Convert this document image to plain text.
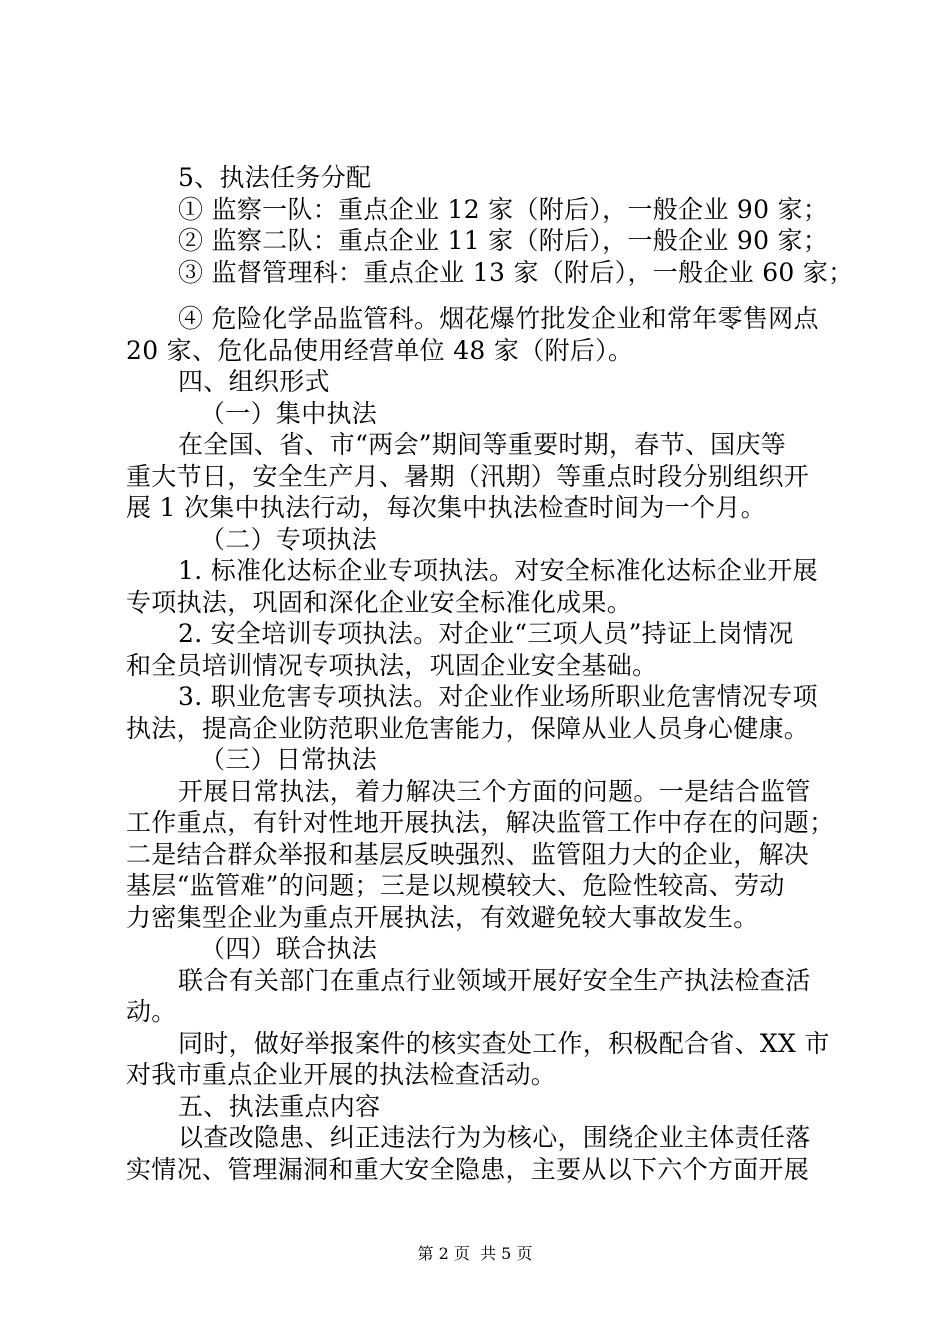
5、执法任务分配
① 监察一队：重点企业 12 家（附后），一般企业 90 家；
② 监察二队：重点企业 11 家（附后），一般企业 90 家；
③ 监督管理科：重点企业 13 家（附后），一般企业 60 家；
④ 危险化学品监管科。烟花爆竹批发企业和常年零售网点
20 家、危化品使用经营单位 48 家（附后）。
四、组织形式
（一）集中执法
在全国、省、市“两会”期间等重要时期，春节、国庆等
重大节日，安全生产月、暑期（汛期）等重点时段分别组织开
展 1 次集中执法行动，每次集中执法检查时间为一个月。
（二）专项执法
1. 标准化达标企业专项执法。对安全标准化达标企业开展
专项执法，巩固和深化企业安全标准化成果。
2. 安全培训专项执法。对企业“三项人员”持证上岗情况
和全员培训情况专项执法，巩固企业安全基础。
3. 职业危害专项执法。对企业作业场所职业危害情况专项
执法，提高企业防范职业危害能力，保障从业人员身心健康。
（三）日常执法
开展日常执法，着力解决三个方面的问题。一是结合监管
工作重点，有针对性地开展执法，解决监管工作中存在的问题；
二是结合群众举报和基层反映强烈、监管阻力大的企业，解决
基层“监管难”的问题；三是以规模较大、危险性较高、劳动
力密集型企业为重点开展执法，有效避免较大事故发生。
（四）联合执法
联合有关部门在重点行业领域开展好安全生产执法检查活
动。
同时，做好举报案件的核实查处工作，积极配合省、XX 市
对我市重点企业开展的执法检查活动。
五、执法重点内容
以查改隐患、纠正违法行为为核心，围绕企业主体责任落
实情况、管理漏洞和重大安全隐患，主要从以下六个方面开展
第 2 页  共 5 页
